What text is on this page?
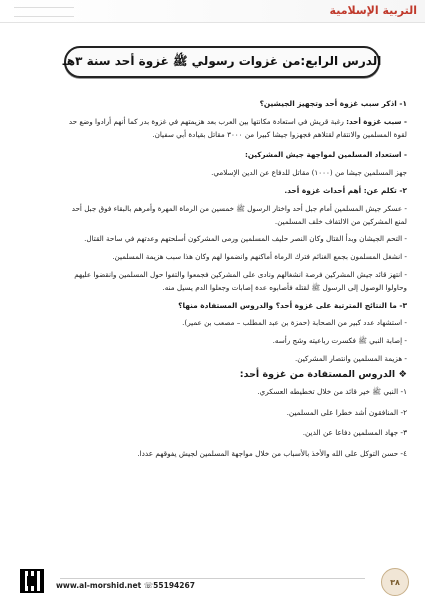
التربية الإسلامية
الدرس الرابع:من غزوات رسولي ﷺ غزوة أحد سنة ٣هـ

١- اذكر سبب غزوة أحد وتجهيز الجيشين؟

- سبب غزوة أحد: رغبة قريش في استعادة مكانتها بين العرب بعد هزيمتهم في غزوة بدر كما أنهم أرادوا وضع حد

لقوة المسلمين والانتقام لقتلاهم فجهزوا جيشا كبيرا من ٣٠٠٠ مقاتل بقيادة أبي سفيان.

- استعداد المسلمين لمواجهة جيش المشركين:

جهز المسلمين جيشا من (١٠٠٠) مقاتل للدفاع عن الدين الإسلامي.

٢- تكلم عن: أهم أحداث غزوة أحد.

- عسكر جيش المسلمين أمام جبل أحد واختار الرسول ﷺ خمسين من الرماة المهرة وأمرهم بالبقاء فوق جبل أحد

لمنع المشركين من الالتفاف خلف المسلمين.

- التحم الجيشان وبدأ القتال وكان النصر حليف المسلمين ورمى المشركون أسلحتهم وعدتهم في ساحة القتال.

- انشغل المسلمون بجمع الغنائم فترك الرماة أماكنهم وانضموا لهم وكان هذا سبب هزيمة المسلمين.

- انتهز قائد جيش المشركين فرصة انشغالهم ونادى على المشركين فجمعوا والتفوا حول المسلمين وانقضوا عليهم

وحاولوا الوصول إلى الرسول ﷺ لقتله فأصابوه عدة إصابات وجعلوا الدم يسيل منه.

٣- ما النتائج المترتبة على غزوة أحد؟ والدروس المستفادة منها؟

- استشهاد عدد كبير من الصحابة (حمزة بن عبد المطلب – مصعب بن عمير).

- إصابة النبي ﷺ فكسرت رباعيته وشج رأسه.

- هزيمة المسلمين وانتصار المشركين.

❖ الدروس المستفادة من غزوة أحد:

١- النبي ﷺ خير قائد من خلال تخطيطه العسكري.

٢- المنافقون أشد خطرا على المسلمين.

٣- جهاد المسلمين دفاعا عن الدين.

٤- حسن التوكل على الله والأخذ بالأسباب من خلال مواجهة المسلمين لجيش يفوقهم عددا.

www.al-morshid.net ☏55194267	٣٨
